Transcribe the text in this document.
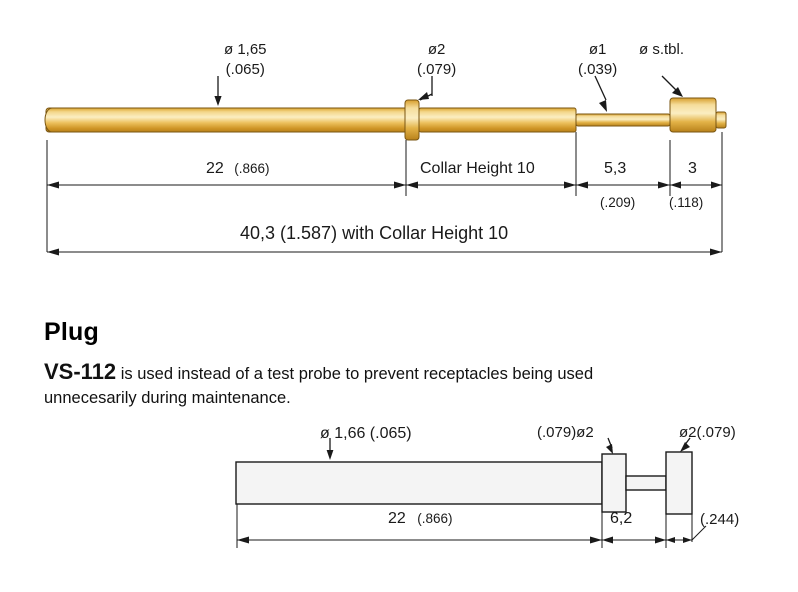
ø 1,65
(.065)
ø2
(.079)
ø1
(.039)
ø s.tbl.
22 (.866)	Collar Height 10	5,3
(.209)
3
(.118)
40,3 (1.587) with Collar Height 10
Plug
VS-112 is used instead of a test probe to prevent receptacles being used unnecesarily during maintenance.
ø 1,66 (.065)	(.079)ø2	ø2(.079)
22 (.866)	6,2	(.244)
